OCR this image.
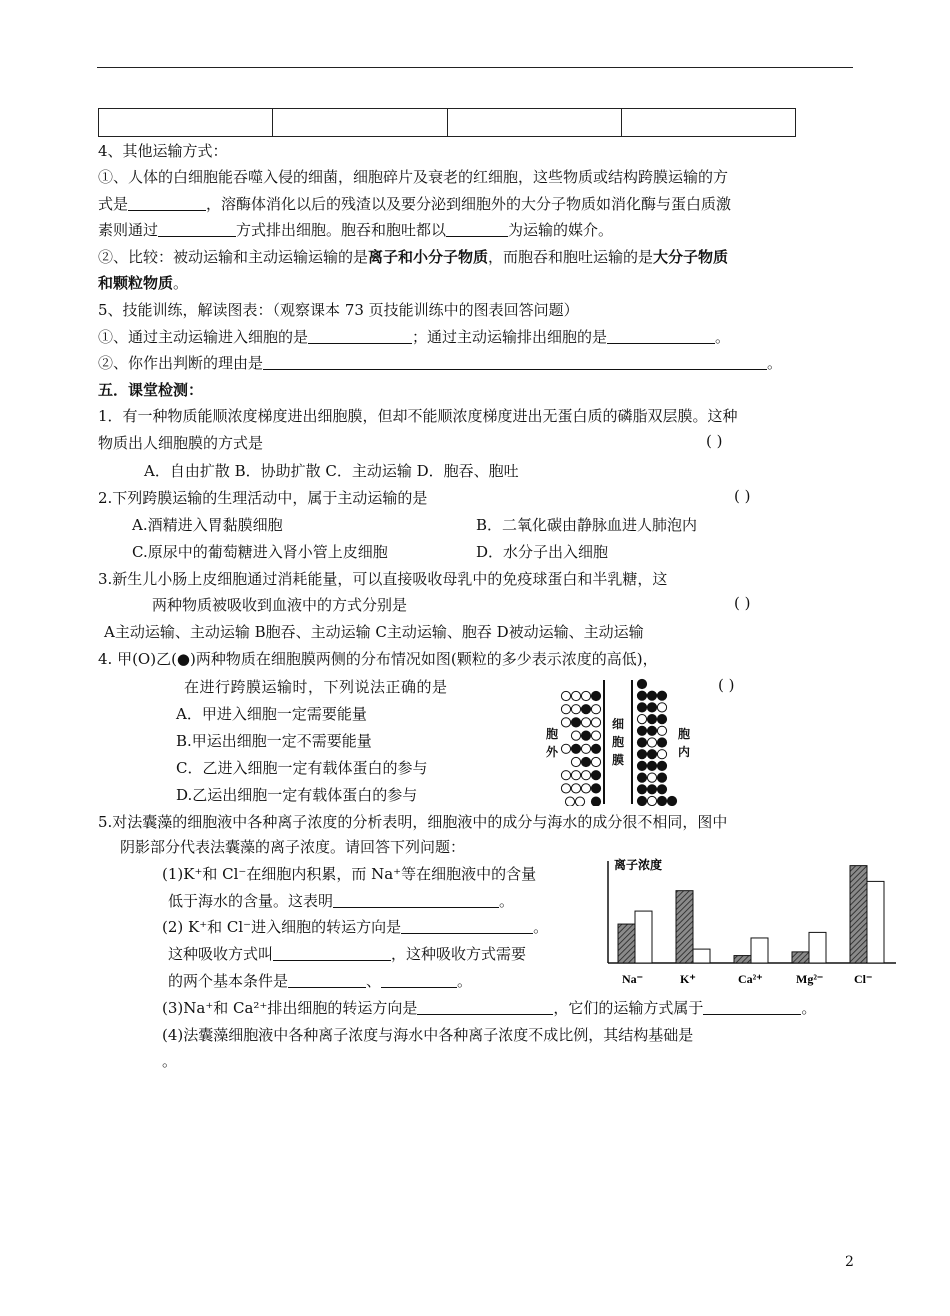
4、其他运输方式：
①、人体的白细胞能吞噬入侵的细菌，细胞碎片及衰老的红细胞，这些物质或结构跨膜运输的方
式是	，溶酶体消化以后的残渣以及要分泌到细胞外的大分子物质如消化酶与蛋白质激
素则通过	方式排出细胞。胞吞和胞吐都以	为运输的媒介。
②、比较：被动运输和主动运输运输的是离子和小分子物质，而胞吞和胞吐运输的是大分子物质
和颗粒物质。
5、技能训练，解读图表：（观察课本 73 页技能训练中的图表回答问题）
①、通过主动运输进入细胞的是	；通过主动运输排出细胞的是	。
②、你作出判断的理由是	。
五．课堂检测：
1．有一种物质能顺浓度梯度进出细胞膜，但却不能顺浓度梯度进出无蛋白质的磷脂双层膜。这种
物质出人细胞膜的方式是	( )
A．自由扩散 B．协助扩散 C．主动运输 D．胞吞、胞吐
2.下列跨膜运输的生理活动中，属于主动运输的是	( )
A.酒精进入胃黏膜细胞	B．二氧化碳由静脉血进人肺泡内
C.原尿中的葡萄糖进入肾小管上皮细胞	D．水分子出入细胞
3.新生儿小肠上皮细胞通过消耗能量，可以直接吸收母乳中的免疫球蛋白和半乳糖，这
两种物质被吸收到血液中的方式分别是	( )
A主动运输、主动运输 B胞吞、主动运输 C主动运输、胞吞 D被动运输、主动运输
4. 甲(O)乙(●)两种物质在细胞膜两侧的分布情况如图(颗粒的多少表示浓度的高低)，
在进行跨膜运输时，下列说法正确的是	( )
A．甲进入细胞一定需要能量
B.甲运出细胞一定不需要能量
C．乙进入细胞一定有载体蛋白的参与
D.乙运出细胞一定有载体蛋白的参与
胞
外
细
胞
膜
胞
内
5.对法囊藻的细胞液中各种离子浓度的分析表明，细胞液中的成分与海水的成分很不相同，图中
阴影部分代表法囊藻的离子浓度。请回答下列问题：
(1)K⁺和 Cl⁻在细胞内积累，而 Na⁺等在细胞液中的含量
低于海水的含量。这表明	。
(2) K⁺和 Cl⁻进入细胞的转运方向是	。
这种吸收方式叫	，这种吸收方式需要
的两个基本条件是	、	。
(3)Na⁺和 Ca²⁺排出细胞的转运方向是	，它们的运输方式属于	。
(4)法囊藻细胞液中各种离子浓度与海水中各种离子浓度不成比例，其结构基础是
。
离子浓度
Na⁻	K⁺	Ca²⁺	Mg²⁻	Cl⁻
2
